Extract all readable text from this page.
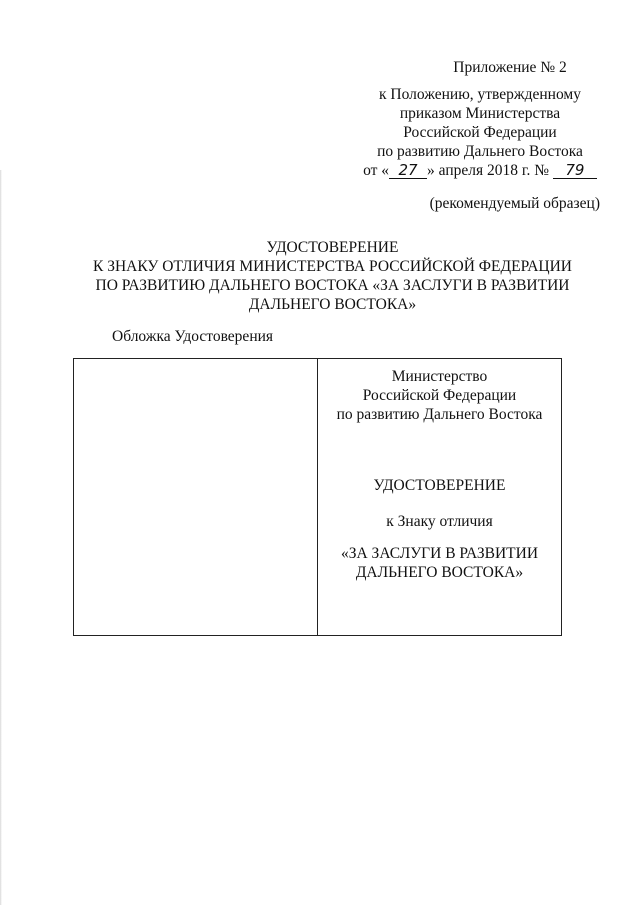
Приложение № 2
к Положению, утвержденному
приказом Министерства
Российской Федерации
по развитию Дальнего Востока
от « 27 » апреля 2018 г. № 79
(рекомендуемый образец)
УДОСТОВЕРЕНИЕ
К ЗНАКУ ОТЛИЧИЯ МИНИСТЕРСТВА РОССИЙСКОЙ ФЕДЕРАЦИИ
ПО РАЗВИТИЮ ДАЛЬНЕГО ВОСТОКА «ЗА ЗАСЛУГИ В РАЗВИТИИ
ДАЛЬНЕГО ВОСТОКА»
Обложка Удостоверения
Министерство
Российской Федерации
по развитию Дальнего Востока
УДОСТОВЕРЕНИЕ
к Знаку отличия
«ЗА ЗАСЛУГИ В РАЗВИТИИ
ДАЛЬНЕГО ВОСТОКА»
